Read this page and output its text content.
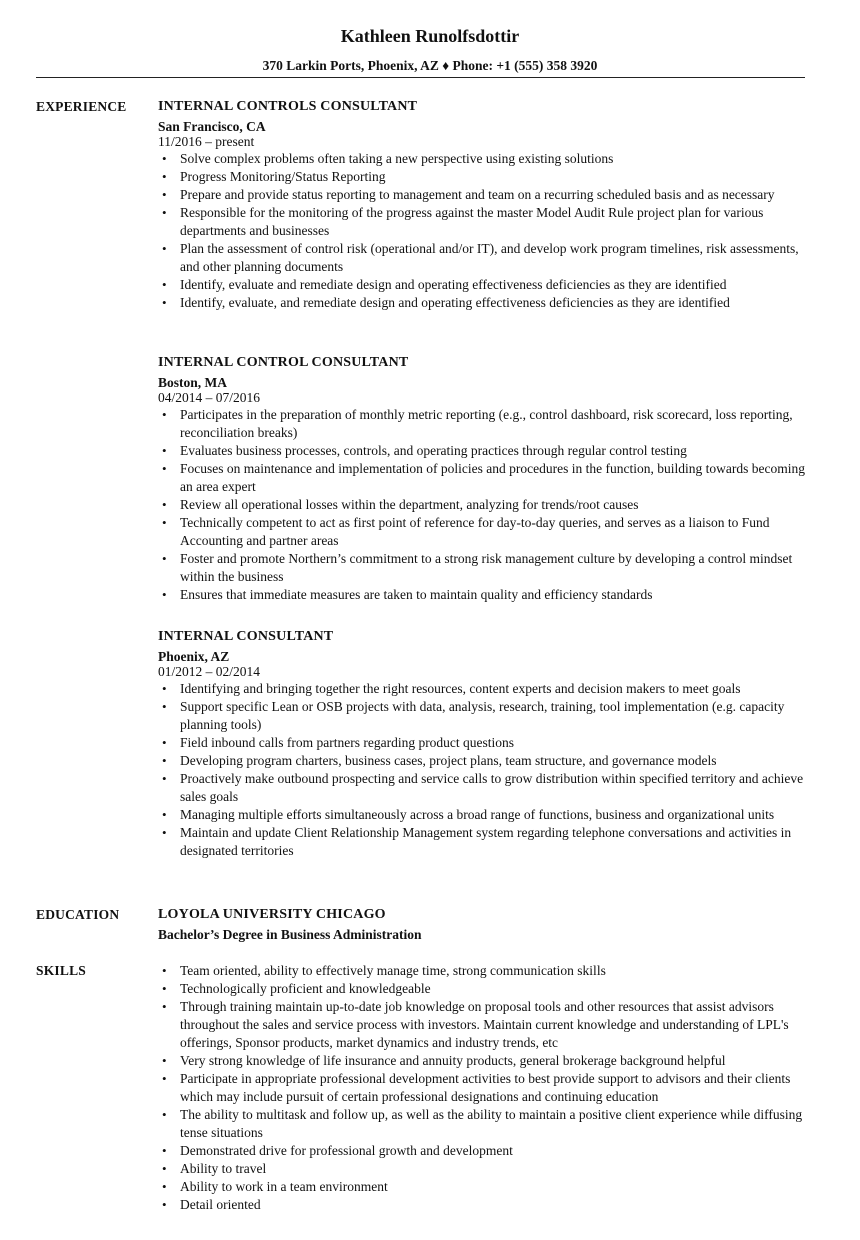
Kathleen Runolfsdottir
370 Larkin Ports, Phoenix, AZ ♦ Phone: +1 (555) 358 3920
EXPERIENCE INTERNAL CONTROLS CONSULTANT
San Francisco, CA
11/2016 – present
• Solve complex problems often taking a new perspective using existing solutions
• Progress Monitoring/Status Reporting
• Prepare and provide status reporting to management and team on a recurring scheduled basis and as necessary
• Responsible for the monitoring of the progress against the master Model Audit Rule project plan for various departments and businesses
• Plan the assessment of control risk (operational and/or IT), and develop work program timelines, risk assessments, and other planning documents
• Identify, evaluate and remediate design and operating effectiveness deficiencies as they are identified
• Identify, evaluate, and remediate design and operating effectiveness deficiencies as they are identified
INTERNAL CONTROL CONSULTANT
Boston, MA
04/2014 – 07/2016
• Participates in the preparation of monthly metric reporting (e.g., control dashboard, risk scorecard, loss reporting, reconciliation breaks)
• Evaluates business processes, controls, and operating practices through regular control testing
• Focuses on maintenance and implementation of policies and procedures in the function, building towards becoming an area expert
• Review all operational losses within the department, analyzing for trends/root causes
• Technically competent to act as first point of reference for day-to-day queries, and serves as a liaison to Fund Accounting and partner areas
• Foster and promote Northern’s commitment to a strong risk management culture by developing a control mindset within the business
• Ensures that immediate measures are taken to maintain quality and efficiency standards
INTERNAL CONSULTANT
Phoenix, AZ
01/2012 – 02/2014
• Identifying and bringing together the right resources, content experts and decision makers to meet goals
• Support specific Lean or OSB projects with data, analysis, research, training, tool implementation (e.g. capacity planning tools)
• Field inbound calls from partners regarding product questions
• Developing program charters, business cases, project plans, team structure, and governance models
• Proactively make outbound prospecting and service calls to grow distribution within specified territory and achieve sales goals
• Managing multiple efforts simultaneously across a broad range of functions, business and organizational units
• Maintain and update Client Relationship Management system regarding telephone conversations and activities in designated territories
EDUCATION	LOYOLA UNIVERSITY CHICAGO
Bachelor’s Degree in Business Administration
SKILLS	• Team oriented, ability to effectively manage time, strong communication skills
• Technologically proficient and knowledgeable
• Through training maintain up-to-date job knowledge on proposal tools and other resources that assist advisors throughout the sales and service process with investors. Maintain current knowledge and understanding of LPL's offerings, Sponsor products, market dynamics and industry trends, etc
• Very strong knowledge of life insurance and annuity products, general brokerage background helpful
• Participate in appropriate professional development activities to best provide support to advisors and their clients which may include pursuit of certain professional designations and continuing education
• The ability to multitask and follow up, as well as the ability to maintain a positive client experience while diffusing tense situations
• Demonstrated drive for professional growth and development
• Ability to travel
• Ability to work in a team environment
• Detail oriented
